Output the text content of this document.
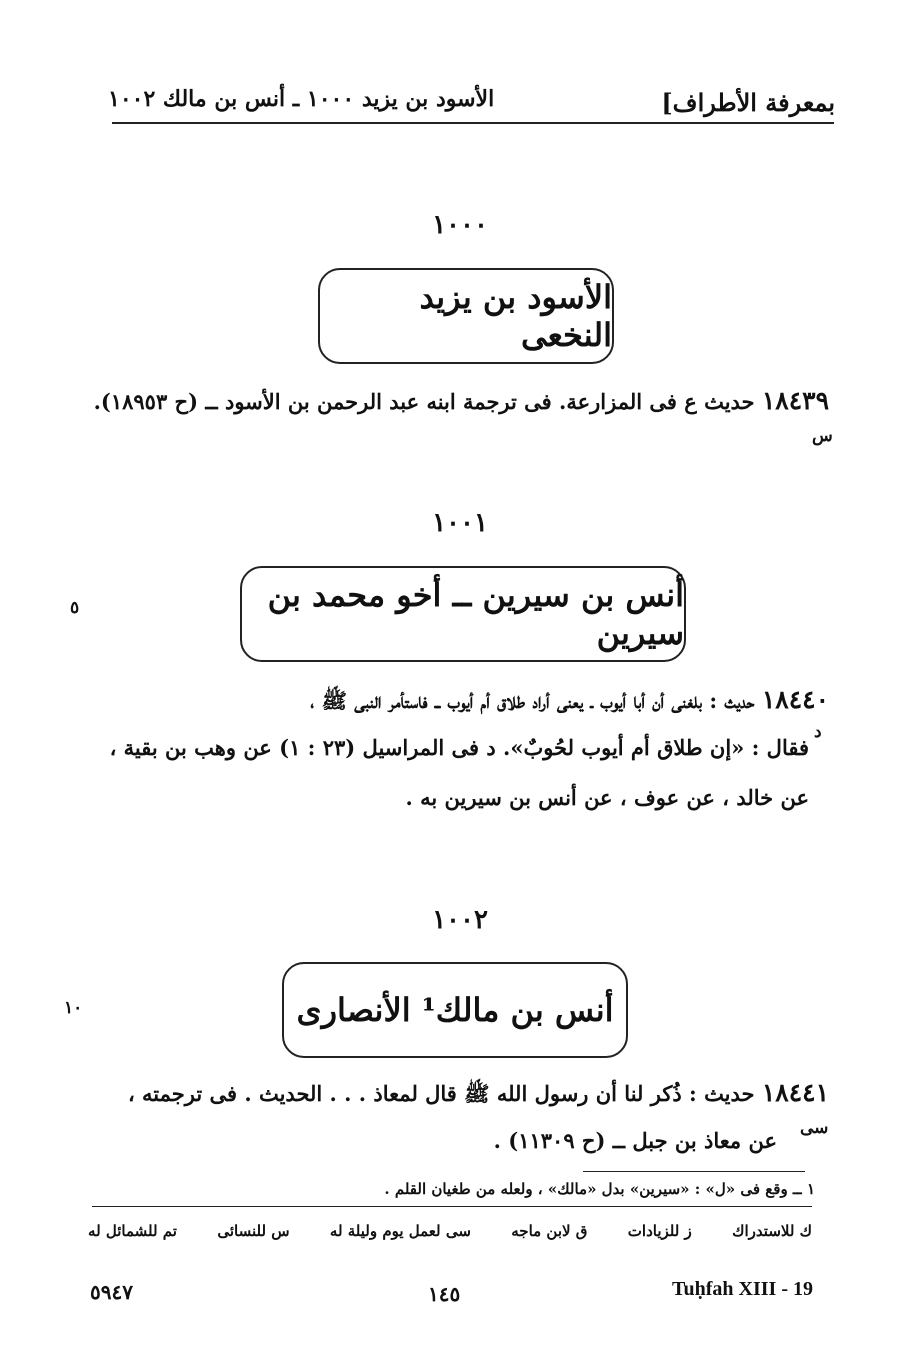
بمعرفة الأطراف]
الأسود بن يزيد ١٠٠٠ ـ أنس بن مالك ١٠٠٢
١٠٠٠
الأسود بن يزيد النخعى
١٨٤٣٩ حديث ع فى المزارعة. فى ترجمة ابنه عبد الرحمن بن الأسود ــ (ح ١٨٩٥٣).
س
١٠٠١
أنس بن سيرين ــ أخو محمد بن سيرين
٥
١٨٤٤٠ حديث : بلغنى أن أبا أيوب ـ يعنى أراد طلاق أم أيوب ــ فاستأمر النبى ﷺ ،
د
فقال : «إن طلاق أم أيوب لحُوبٌ». د فى المراسيل (٢٣ : ١) عن وهب بن بقية ،
عن خالد ، عن عوف ، عن أنس بن سيرين به .
١٠٠٢
أنس بن مالك¹ الأنصارى
١٠
١٨٤٤١ حديث : ذُكر لنا أن رسول الله ﷺ قال لمعاذ . . . الحديث . فى ترجمته ،
سى
عن معاذ بن جبل ــ (ح ١١٣٠٩) .
١ ــ وقع فى «ل» : «سيرين» بدل «مالك» ، ولعله من طغيان القلم .
تم للشمائل له	س للنسائى	سى لعمل يوم وليلة له	ق لابن ماجه	ز للزيادات	ك للاستدراك
٥٩٤٧	١٤٥	Tuḥfah XIII - 19
